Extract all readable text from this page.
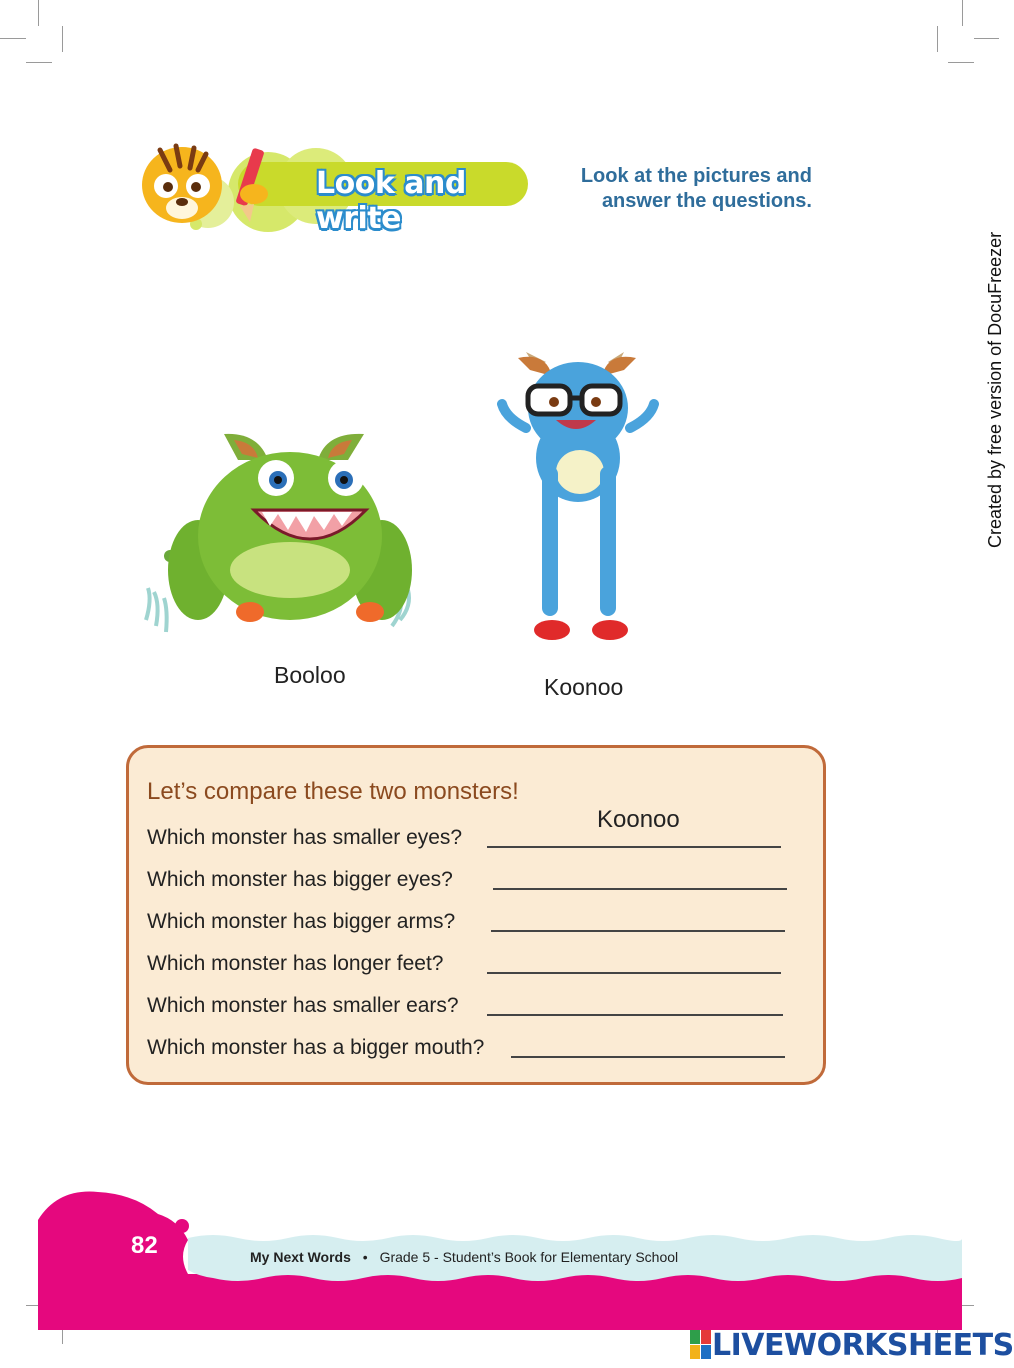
Look and write
Look at the pictures and
answer the questions.
Created by free version of DocuFreezer
Booloo	Koonoo
Let’s compare these two monsters!
Which monster has smaller eyes?
Koonoo
Which monster has bigger eyes?
Which monster has bigger arms?
Which monster has longer feet?
Which monster has smaller ears?
Which monster has a bigger mouth?
82	My Next Words • Grade 5 - Student’s Book for Elementary School
LIVEWORKSHEETS
